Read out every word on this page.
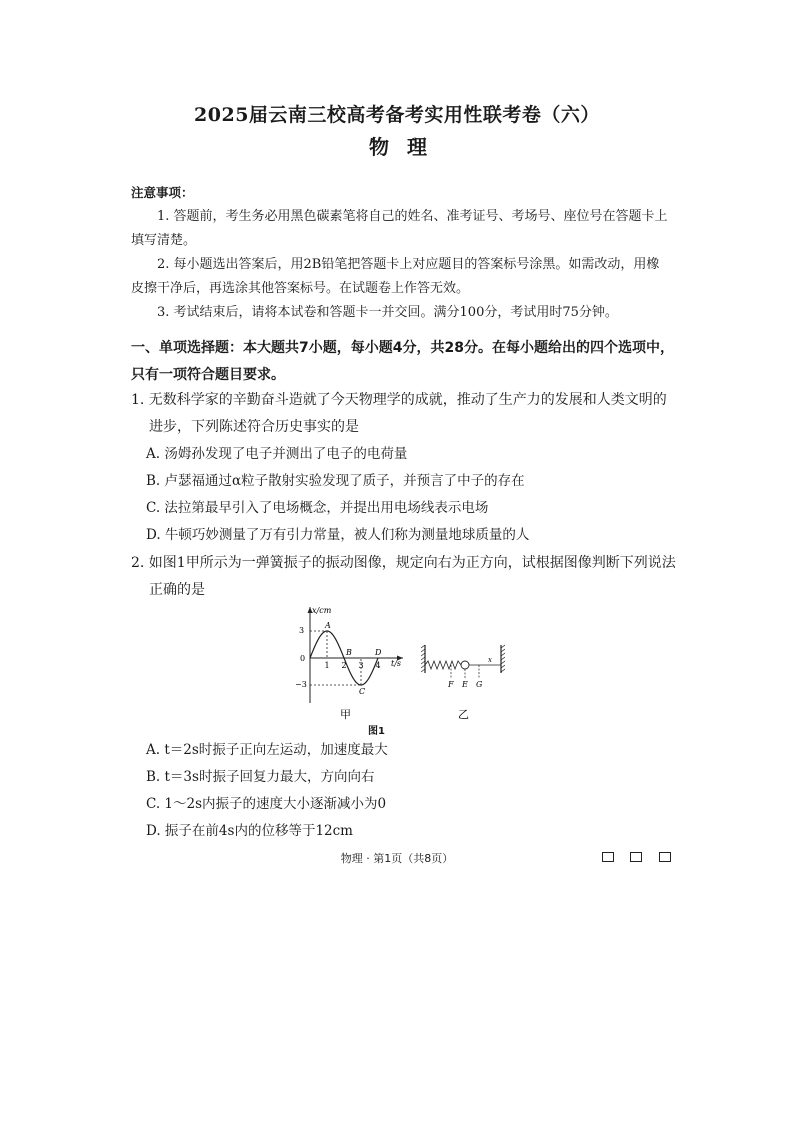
2025届云南三校高考备考实用性联考卷（六）
物理
注意事项：

1. 答题前，考生务必用黑色碳素笔将自己的姓名、准考证号、考场号、座位号在答题卡上填写清楚。

2. 每小题选出答案后，用2B铅笔把答题卡上对应题目的答案标号涂黑。如需改动，用橡皮擦干净后，再选涂其他答案标号。在试题卷上作答无效。

3. 考试结束后，请将本试卷和答题卡一并交回。满分100分，考试用时75分钟。

一、单项选择题：本大题共7小题，每小题4分，共28分。在每小题给出的四个选项中，只有一项符合题目要求。
1. 无数科学家的辛勤奋斗造就了今天物理学的成就，推动了生产力的发展和人类文明的进步，下列陈述符合历史事实的是
A. 汤姆孙发现了电子并测出了电子的电荷量
B. 卢瑟福通过α粒子散射实验发现了质子，并预言了中子的存在
C. 法拉第最早引入了电场概念，并提出用电场线表示电场
D. 牛顿巧妙测量了万有引力常量，被人们称为测量地球质量的人
2. 如图1甲所示为一弹簧振子的振动图像，规定向右为正方向，试根据图像判断下列说法正确的是
x/cm
t/s
3
0
−3
1 2 3 4
A
B
C
D
甲
F E G
x
乙
图1
A. t＝2s时振子正向左运动，加速度最大
B. t＝3s时振子回复力最大，方向向右
C. 1～2s内振子的速度大小逐渐减小为0
D. 振子在前4s内的位移等于12cm
物理 · 第1页（共8页）
